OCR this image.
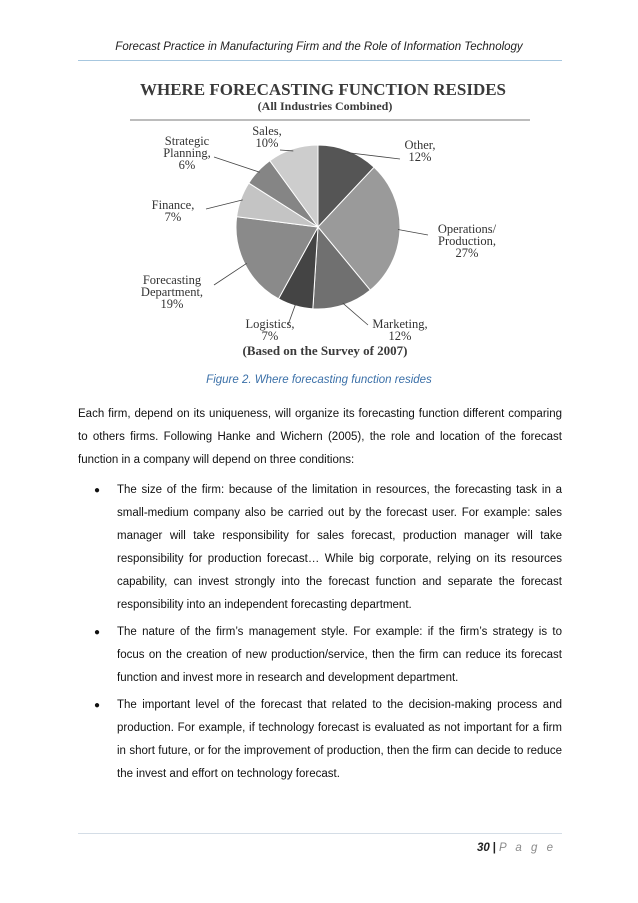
Forecast Practice in Manufacturing Firm and the Role of Information Technology
WHERE FORECASTING FUNCTION RESIDES
(All Industries Combined)
Other, 12%
Operations/ Production, 27%
Marketing, 12%
Logistics, 7%
Forecasting Department, 19%
Finance, 7%
Strategic Planning, 6%
Sales, 10%
(Based on the Survey of 2007)
Figure 2. Where forecasting function resides

Each firm, depend on its uniqueness, will organize its forecasting function different comparing to others firms. Following Hanke and Wichern (2005), the role and location of the forecast function in a company will depend on three conditions:

● The size of the firm: because of the limitation in resources, the forecasting task in a small-medium company also be carried out by the forecast user. For example: sales manager will take responsibility for sales forecast, production manager will take responsibility for production forecast… While big corporate, relying on its resources capability, can invest strongly into the forecast function and separate the forecast responsibility into an independent forecasting department.
● The nature of the firm’s management style. For example: if the firm’s strategy is to focus on the creation of new production/service, then the firm can reduce its forecast function and invest more in research and development department.
● The important level of the forecast that related to the decision-making process and production. For example, if technology forecast is evaluated as not important for a firm in short future, or for the improvement of production, then the firm can decide to reduce the invest and effort on technology forecast.
30 | P a g e
